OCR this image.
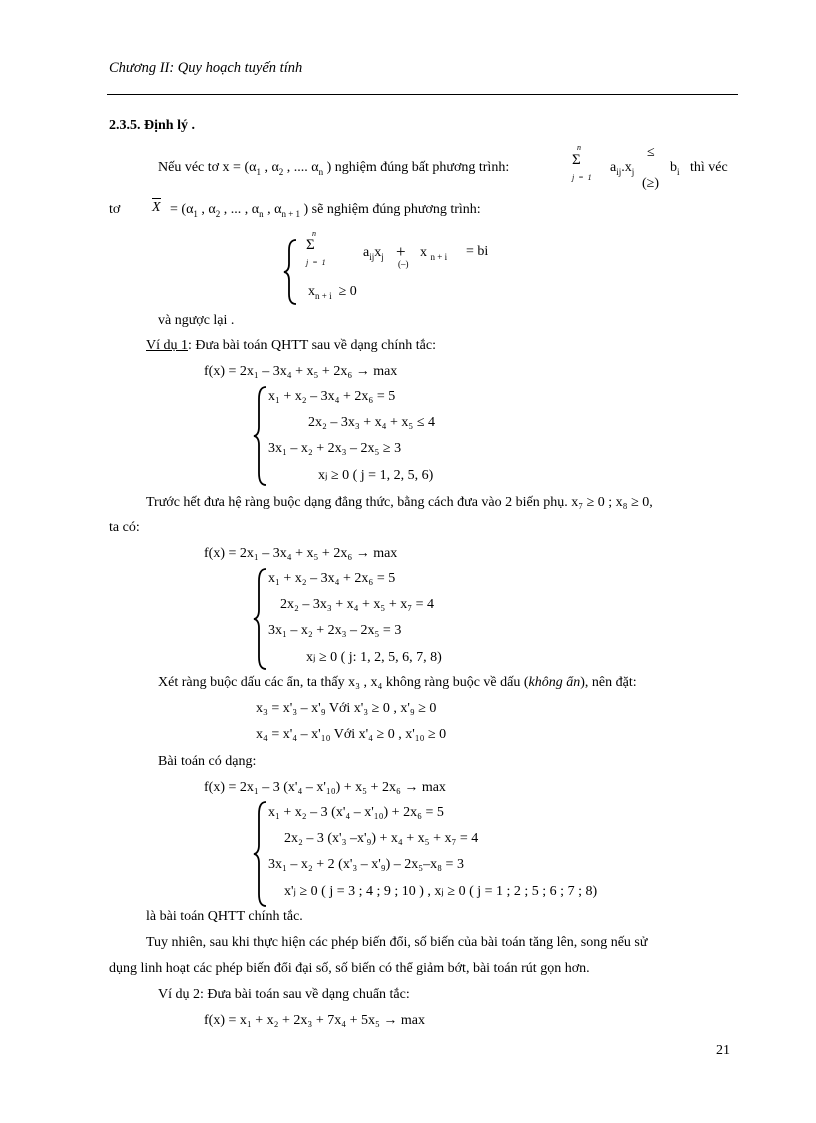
Chương II: Quy hoạch tuyến tính
2.3.5. Định lý .
Nếu véc tơ $x = (\alpha_1$ , $\alpha_2$ , .... $\alpha_n$ ) nghiệm đúng bất phương trình:
n
Σ
j  =  1
$a_{ij}.x_j$
≤
(≥)
$b_i$ thì véc
tơ $X = (\alpha_1$ , $\alpha_2$ , ... , $\alpha_n$ , $\alpha_{n + 1}$ ) sẽ nghiệm đúng phương trình:
n
Σ
j  =  1
$a_{ij}x_j$ +
(–)
x $_{n + i}$ = bi
$x_{n + i} \ge 0$
và ngược lại .
Ví dụ 1: Đưa bài toán QHTT sau về dạng chính tắc:
f(x) = 2x₁ – 3x₄ + x₅ + 2x₆ → max
x₁ + x₂ – 3x₄ + 2x₆ = 5
2x₂ – 3x₃ + x₄ + x₅ ≤ 4
3x₁ – x₂ + 2x₃ – 2x₅ ≥ 3
xⱼ ≥ 0 ( j = 1, 2, 5, 6)
Trước hết đưa hệ ràng buộc dạng đẳng thức, bằng cách đưa vào 2 biến phụ. x₇ ≥ 0 ; x₈ ≥ 0,
ta có:
f(x) = 2x₁ – 3x₄ + x₅ + 2x₆ → max
x₁ + x₂ – 3x₄ + 2x₆ = 5
2x₂ – 3x₃ + x₄ + x₅ + x₇ = 4
3x₁ – x₂ + 2x₃ – 2x₅ = 3
xⱼ ≥ 0 ( j: 1, 2, 5, 6, 7, 8)
Xét ràng buộc dấu các ẩn, ta thấy x₃ , x₄ không ràng buộc về dấu (không ẩn), nên đặt:
x₃ = x'₃ – x'₉ Với x'₃ ≥ 0 , x'₉ ≥ 0
x₄ = x'₄ – x'₁₀ Với x'₄ ≥ 0 , x'₁₀ ≥ 0
Bài toán có dạng:
f(x) = 2x₁ – 3 (x'₄ – x'₁₀) + x₅ + 2x₆ → max
x₁ + x₂ – 3 (x'₄ – x'₁₀) + 2x₆ = 5
2x₂ – 3 (x'₃ –x'₉) + x₄ + x₅ + x₇ = 4
3x₁ – x₂ + 2 (x'₃ – x'₉) – 2x₅–x₈ = 3
x'ⱼ ≥ 0 ( j = 3 ; 4 ; 9 ; 10 ) , xⱼ ≥ 0 ( j = 1 ; 2 ; 5 ; 6 ; 7 ; 8)
là bài toán QHTT chính tắc.
Tuy nhiên, sau khi thực hiện các phép biến đổi, số biến của bài toán tăng lên, song nếu sử
dụng linh hoạt các phép biến đổi đại số, số biến có thể giảm bớt, bài toán rút gọn hơn.
Ví dụ 2: Đưa bài toán sau về dạng chuẩn tắc:
f(x) = x₁ + x₂ + 2x₃ + 7x₄ + 5x₅ → max
21
